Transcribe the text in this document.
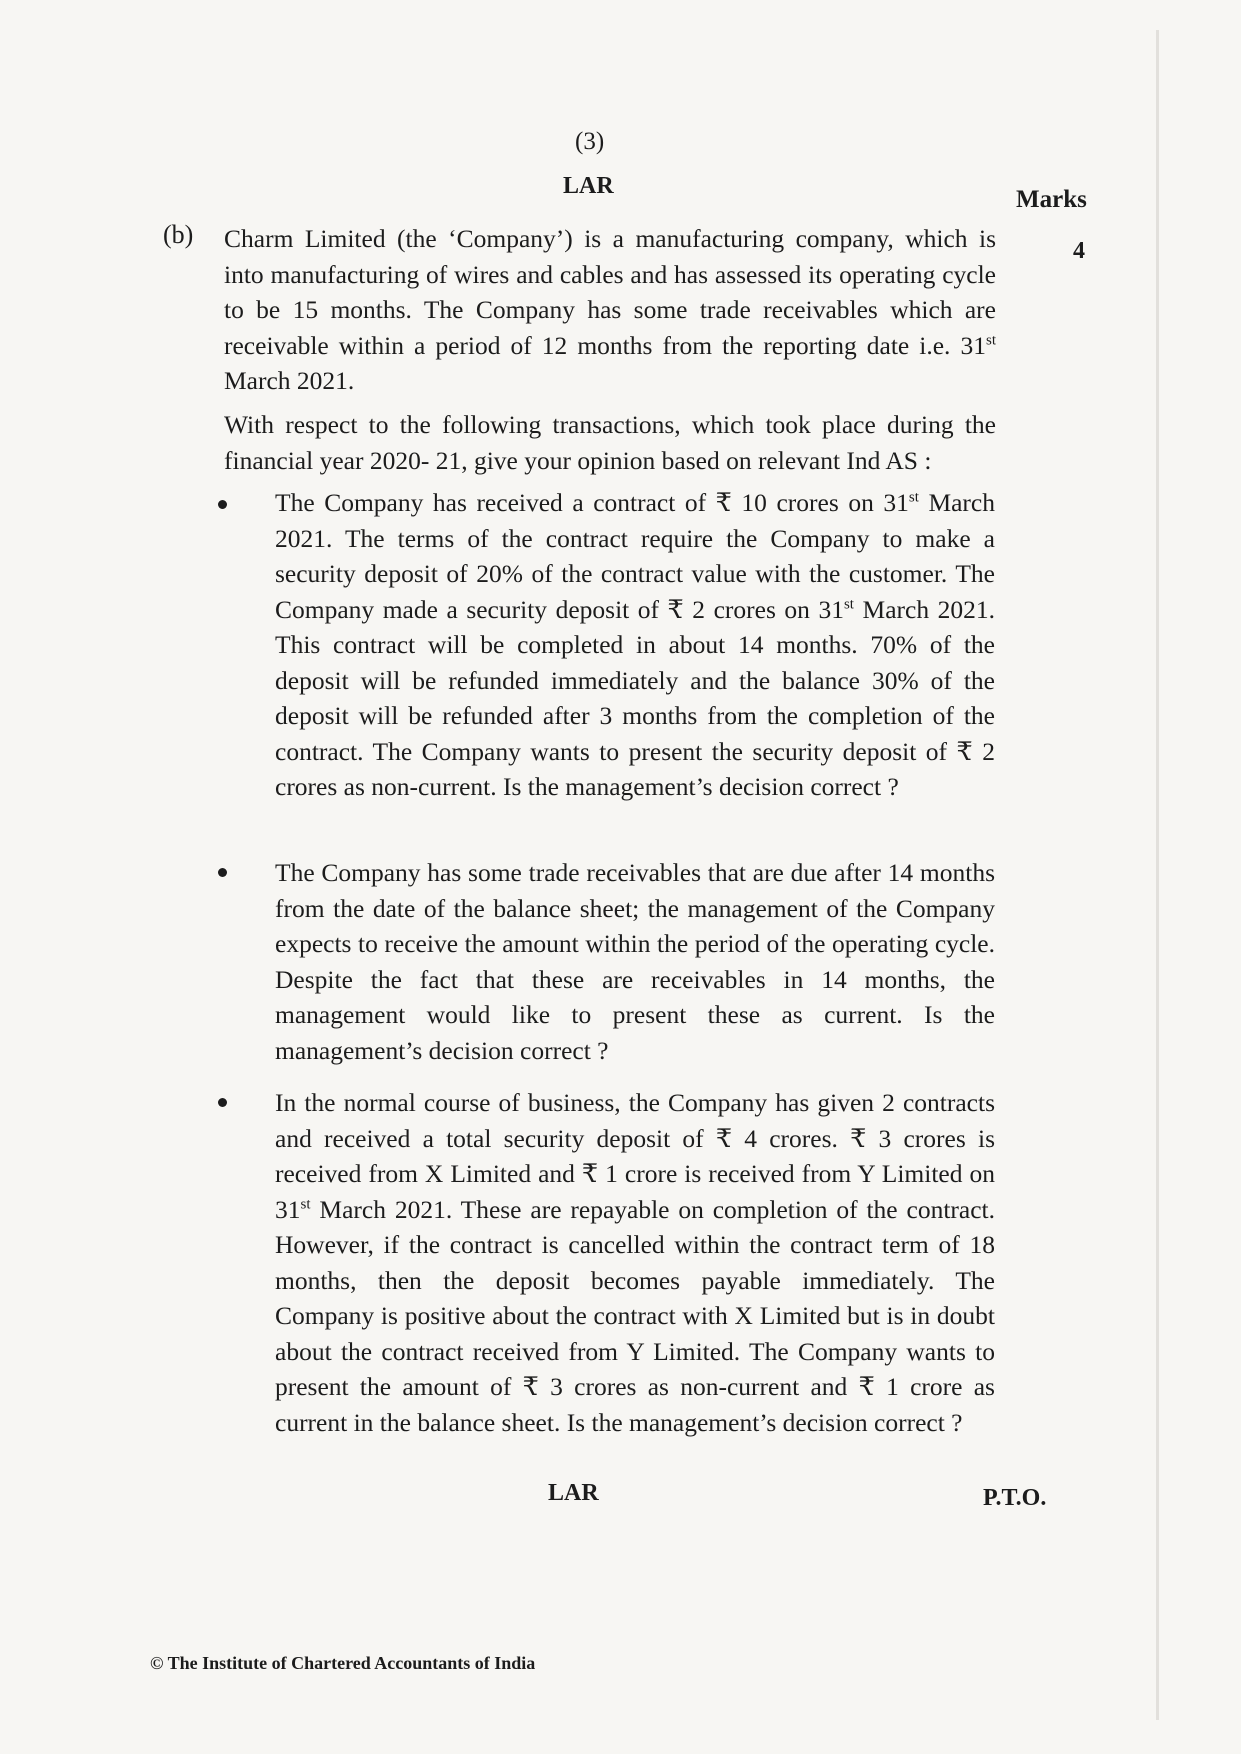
(3)
LAR	Marks
4
(b) Charm Limited (the ‘Company’) is a manufacturing company, which is into manufacturing of wires and cables and has assessed its operating cycle to be 15 months. The Company has some trade receivables which are receivable within a period of 12 months from the reporting date i.e. 31st March 2021.
With respect to the following transactions, which took place during the financial year 2020- 21, give your opinion based on relevant Ind AS :
The Company has received a contract of ₹ 10 crores on 31st March 2021. The terms of the contract require the Company to make a security deposit of 20% of the contract value with the customer. The Company made a security deposit of ₹ 2 crores on 31st March 2021. This contract will be completed in about 14 months. 70% of the deposit will be refunded immediately and the balance 30% of the deposit will be refunded after 3 months from the completion of the contract. The Company wants to present the security deposit of ₹ 2 crores as non-current. Is the management’s decision correct ?
The Company has some trade receivables that are due after 14 months from the date of the balance sheet; the management of the Company expects to receive the amount within the period of the operating cycle. Despite the fact that these are receivables in 14 months, the management would like to present these as current. Is the management’s decision correct ?
In the normal course of business, the Company has given 2 contracts and received a total security deposit of ₹ 4 crores. ₹ 3 crores is received from X Limited and ₹ 1 crore is received from Y Limited on 31st March 2021. These are repayable on completion of the contract. However, if the contract is cancelled within the contract term of 18 months, then the deposit becomes payable immediately. The Company is positive about the contract with X Limited but is in doubt about the contract received from Y Limited. The Company wants to present the amount of ₹ 3 crores as non-current and ₹ 1 crore as current in the balance sheet. Is the management’s decision correct ?
LAR	P.T.O.
© The Institute of Chartered Accountants of India
